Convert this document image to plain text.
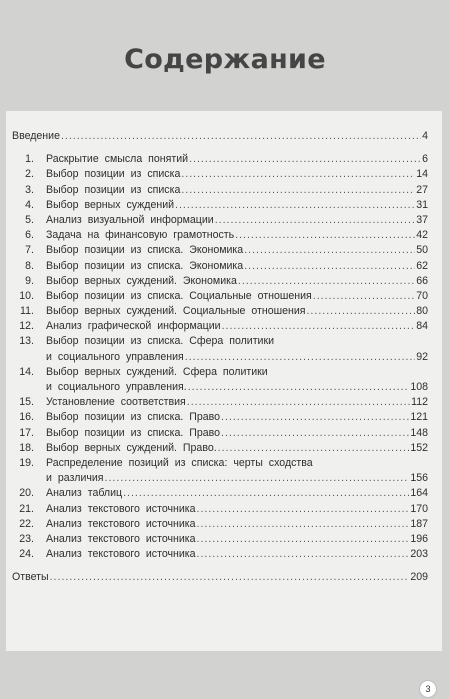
Содержание
Введение .....	4
1. Раскрытие смысла понятий .....	6
2. Выбор позиции из списка .....	14
3. Выбор позиции из списка .....	27
4. Выбор верных суждений .....	31
5. Анализ визуальной информации .....	37
6. Задача на финансовую грамотность .....	42
7. Выбор позиции из списка. Экономика .....	50
8. Выбор позиции из списка. Экономика .....	62
9. Выбор верных суждений. Экономика .....	66
10. Выбор позиции из списка. Социальные отношения .....	70
11. Выбор верных суждений. Социальные отношения .....	80
12. Анализ графической информации .....	84
13. Выбор позиции из списка. Сфера политики
и социального управления .....	92
14. Выбор верных суждений. Сфера политики
и социального управления. .....	108
15. Установление соответствия .....	112
16. Выбор позиции из списка. Право .....	121
17. Выбор позиции из списка. Право .....	148
18. Выбор верных суждений. Право. .....	152
19. Распределение позиций из списка: черты сходства
и различия .....	156
20. Анализ таблиц .....	164
21. Анализ текстового источника .....	170
22. Анализ текстового источника .....	187
23. Анализ текстового источника .....	196
24. Анализ текстового источника .....	203
Ответы .....	209
3
